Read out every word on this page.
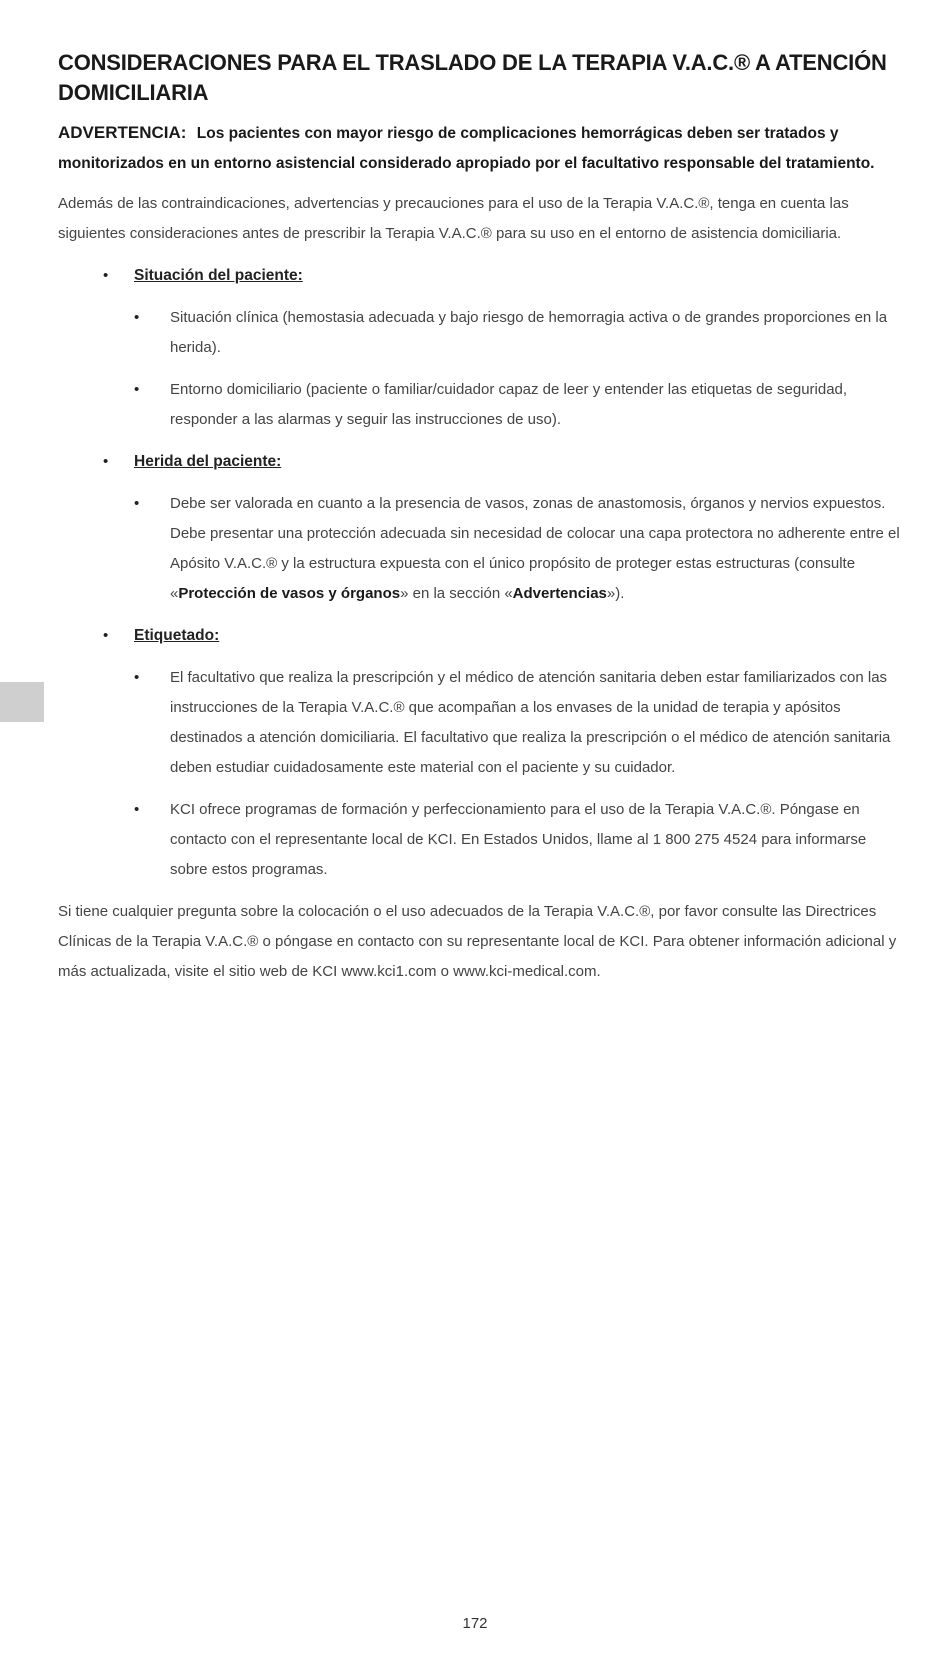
CONSIDERACIONES PARA EL TRASLADO DE LA TERAPIA V.A.C.® A ATENCIÓN DOMICILIARIA

ADVERTENCIA: Los pacientes con mayor riesgo de complicaciones hemorrágicas deben ser tratados y monitorizados en un entorno asistencial considerado apropiado por el facultativo responsable del tratamiento.

Además de las contraindicaciones, advertencias y precauciones para el uso de la Terapia V.A.C.®, tenga en cuenta las siguientes consideraciones antes de prescribir la Terapia V.A.C.® para su uso en el entorno de asistencia domiciliaria.

• Situación del paciente:
• Situación clínica (hemostasia adecuada y bajo riesgo de hemorragia activa o de grandes proporciones en la herida).
• Entorno domiciliario (paciente o familiar/cuidador capaz de leer y entender las etiquetas de seguridad, responder a las alarmas y seguir las instrucciones de uso).
• Herida del paciente:
• Debe ser valorada en cuanto a la presencia de vasos, zonas de anastomosis, órganos y nervios expuestos. Debe presentar una protección adecuada sin necesidad de colocar una capa protectora no adherente entre el Apósito V.A.C.® y la estructura expuesta con el único propósito de proteger estas estructuras (consulte «Protección de vasos y órganos» en la sección «Advertencias»).
• Etiquetado:
• El facultativo que realiza la prescripción y el médico de atención sanitaria deben estar familiarizados con las instrucciones de la Terapia V.A.C.® que acompañan a los envases de la unidad de terapia y apósitos destinados a atención domiciliaria. El facultativo que realiza la prescripción o el médico de atención sanitaria deben estudiar cuidadosamente este material con el paciente y su cuidador.
• KCI ofrece programas de formación y perfeccionamiento para el uso de la Terapia V.A.C.®. Póngase en contacto con el representante local de KCI. En Estados Unidos, llame al 1 800 275 4524 para informarse sobre estos programas.

Si tiene cualquier pregunta sobre la colocación o el uso adecuados de la Terapia V.A.C.®, por favor consulte las Directrices Clínicas de la Terapia V.A.C.® o póngase en contacto con su representante local de KCI. Para obtener información adicional y más actualizada, visite el sitio web de KCI www.kci1.com o www.kci-medical.com.

172
